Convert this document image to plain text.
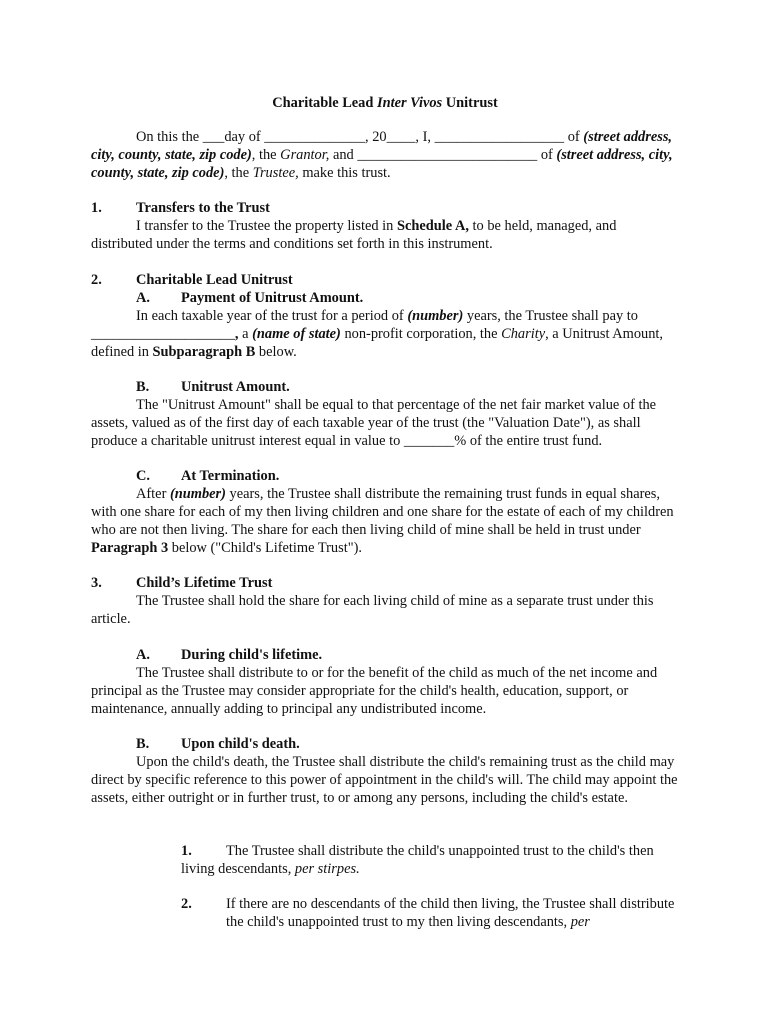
Charitable Lead Inter Vivos Unitrust
On this the ___day of ______________, 20____, I, __________________ of (street address, city, county, state, zip code), the Grantor, and _________________________ of (street address, city, county, state, zip code), the Trustee, make this trust.
1. Transfers to the Trust
I transfer to the Trustee the property listed in Schedule A, to be held, managed, and distributed under the terms and conditions set forth in this instrument.
2. Charitable Lead Unitrust
A. Payment of Unitrust Amount.
In each taxable year of the trust for a period of (number) years, the Trustee shall pay to ____________________, a (name of state) non-profit corporation, the Charity, a Unitrust Amount, defined in Subparagraph B below.
B. Unitrust Amount.
The "Unitrust Amount" shall be equal to that percentage of the net fair market value of the assets, valued as of the first day of each taxable year of the trust (the "Valuation Date"), as shall produce a charitable unitrust interest equal in value to _______% of the entire trust fund.
C. At Termination.
After (number) years, the Trustee shall distribute the remaining trust funds in equal shares, with one share for each of my then living children and one share for the estate of each of my children who are not then living. The share for each then living child of mine shall be held in trust under Paragraph 3 below ("Child's Lifetime Trust").
3. Child’s Lifetime Trust
The Trustee shall hold the share for each living child of mine as a separate trust under this article.
A. During child's lifetime.
The Trustee shall distribute to or for the benefit of the child as much of the net income and principal as the Trustee may consider appropriate for the child's health, education, support, or maintenance, annually adding to principal any undistributed income.
B. Upon child's death.
Upon the child's death, the Trustee shall distribute the child's remaining trust as the child may direct by specific reference to this power of appointment in the child's will. The child may appoint the assets, either outright or in further trust, to or among any persons, including the child's estate.
1. The Trustee shall distribute the child's unappointed trust to the child's then living descendants, per stirpes.
2. If there are no descendants of the child then living, the Trustee shall distribute the child's unappointed trust to my then living descendants, per
